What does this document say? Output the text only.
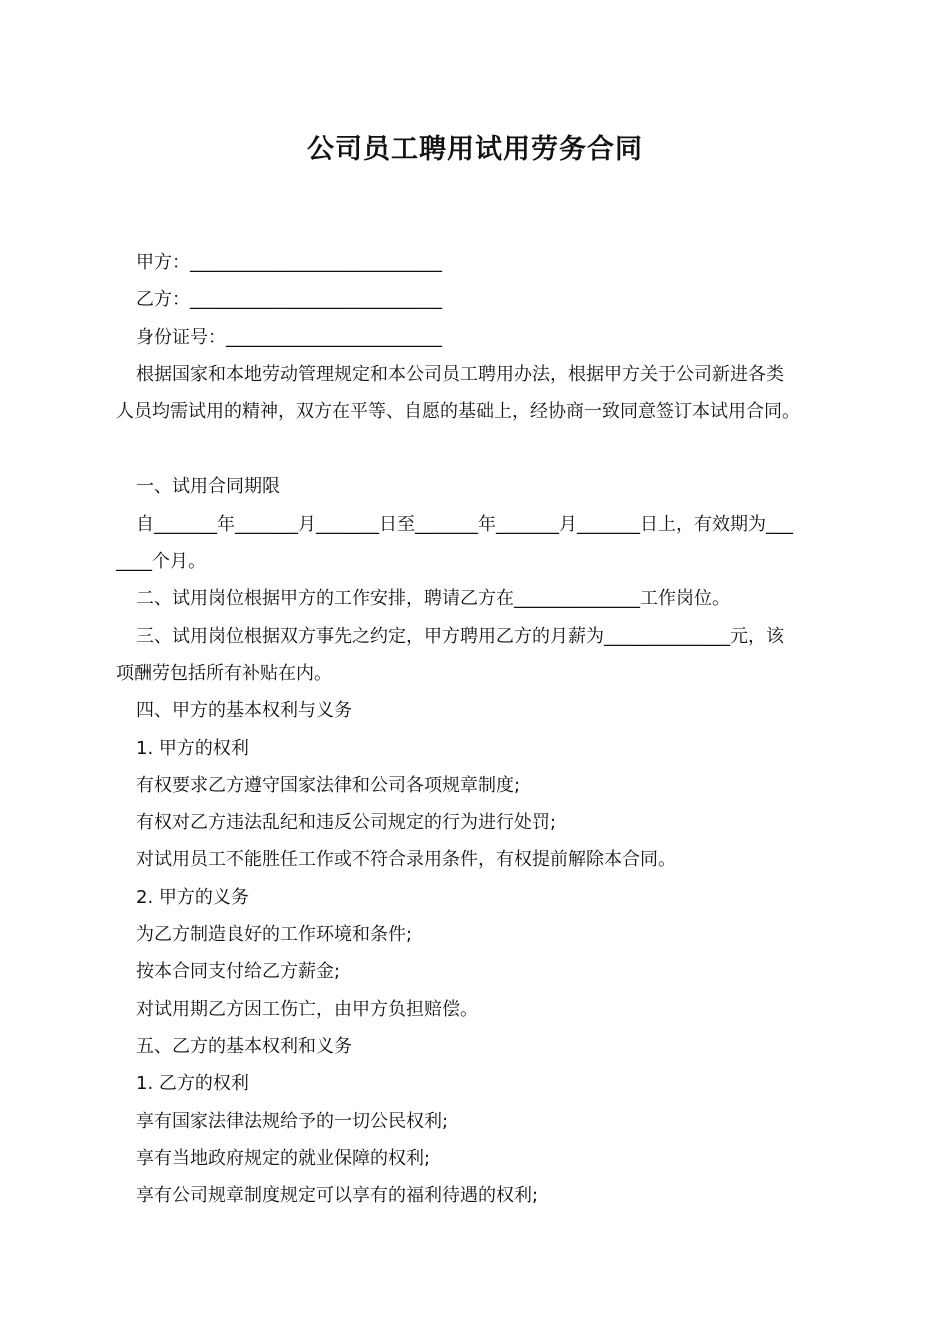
公司员工聘用试用劳务合同
甲方：____________________________
乙方：____________________________
身份证号：________________________
根据国家和本地劳动管理规定和本公司员工聘用办法，根据甲方关于公司新进各类
人员均需试用的精神，双方在平等、自愿的基础上，经协商一致同意签订本试用合同。
一、试用合同期限
自_______年_______月_______日至_______年_______月_______日上，有效期为___
____个月。
二、试用岗位根据甲方的工作安排，聘请乙方在______________工作岗位。
三、试用岗位根据双方事先之约定，甲方聘用乙方的月薪为______________元，该
项酬劳包括所有补贴在内。
四、甲方的基本权利与义务
1. 甲方的权利
有权要求乙方遵守国家法律和公司各项规章制度;
有权对乙方违法乱纪和违反公司规定的行为进行处罚;
对试用员工不能胜任工作或不符合录用条件，有权提前解除本合同。
2. 甲方的义务
为乙方制造良好的工作环境和条件;
按本合同支付给乙方薪金;
对试用期乙方因工伤亡，由甲方负担赔偿。
五、乙方的基本权利和义务
1. 乙方的权利
享有国家法律法规给予的一切公民权利;
享有当地政府规定的就业保障的权利;
享有公司规章制度规定可以享有的福利待遇的权利;
